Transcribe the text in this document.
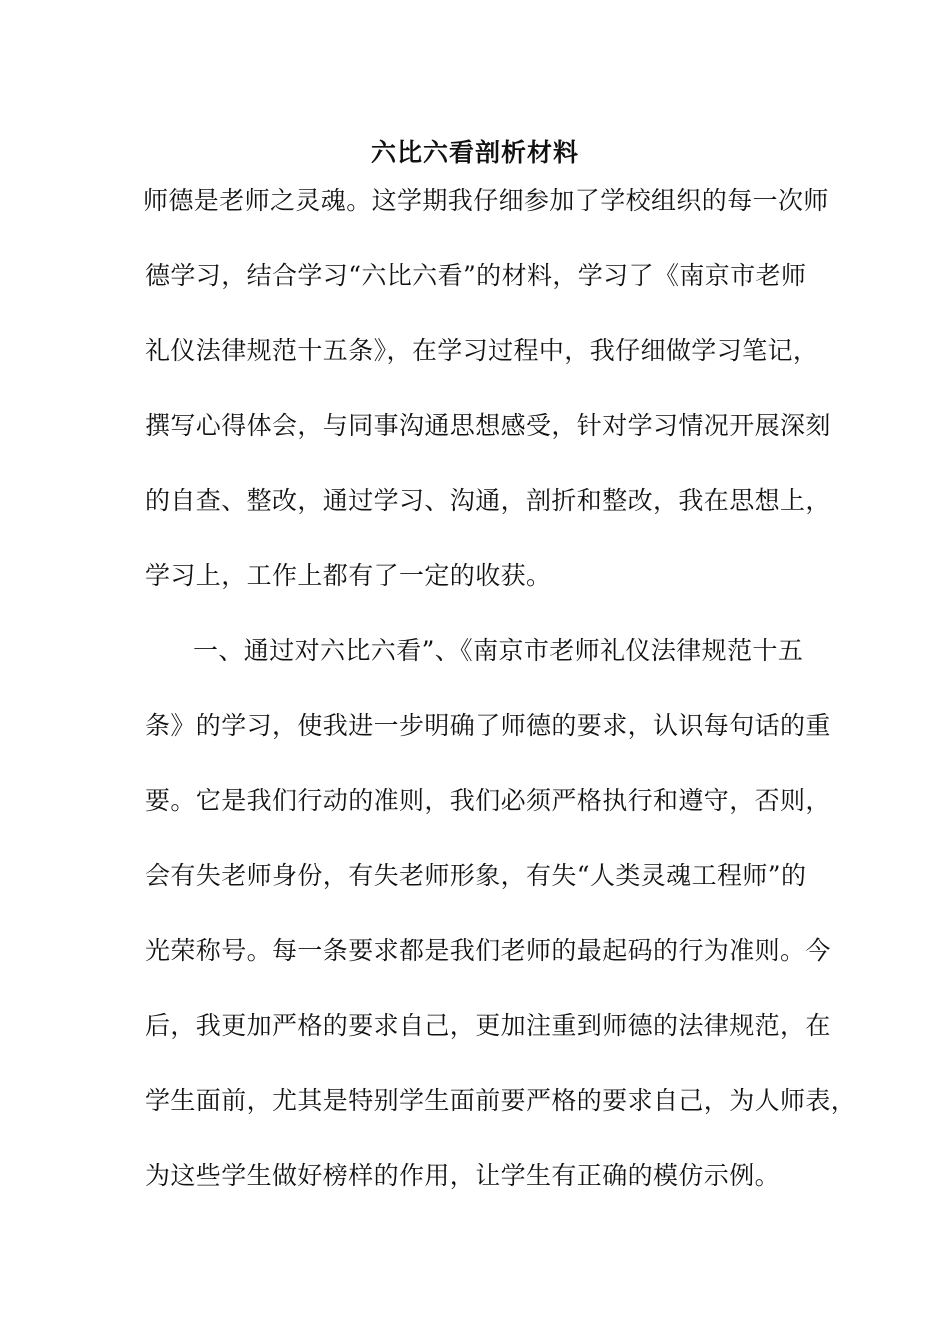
六比六看剖析材料
师德是老师之灵魂。这学期我仔细参加了学校组织的每一次师
德学习，结合学习“六比六看”的材料，学习了《南京市老师
礼仪法律规范十五条》，在学习过程中，我仔细做学习笔记，
撰写心得体会，与同事沟通思想感受，针对学习情况开展深刻
的自查、整改，通过学习、沟通，剖折和整改，我在思想上，
学习上，工作上都有了一定的收获。
一、通过对六比六看”、《南京市老师礼仪法律规范十五
条》的学习，使我进一步明确了师德的要求，认识每句话的重
要。它是我们行动的准则，我们必须严格执行和遵守，否则，
会有失老师身份，有失老师形象，有失“人类灵魂工程师”的
光荣称号。每一条要求都是我们老师的最起码的行为准则。今
后，我更加严格的要求自己，更加注重到师德的法律规范，在
学生面前，尤其是特别学生面前要严格的要求自己，为人师表，
为这些学生做好榜样的作用，让学生有正确的模仿示例。
